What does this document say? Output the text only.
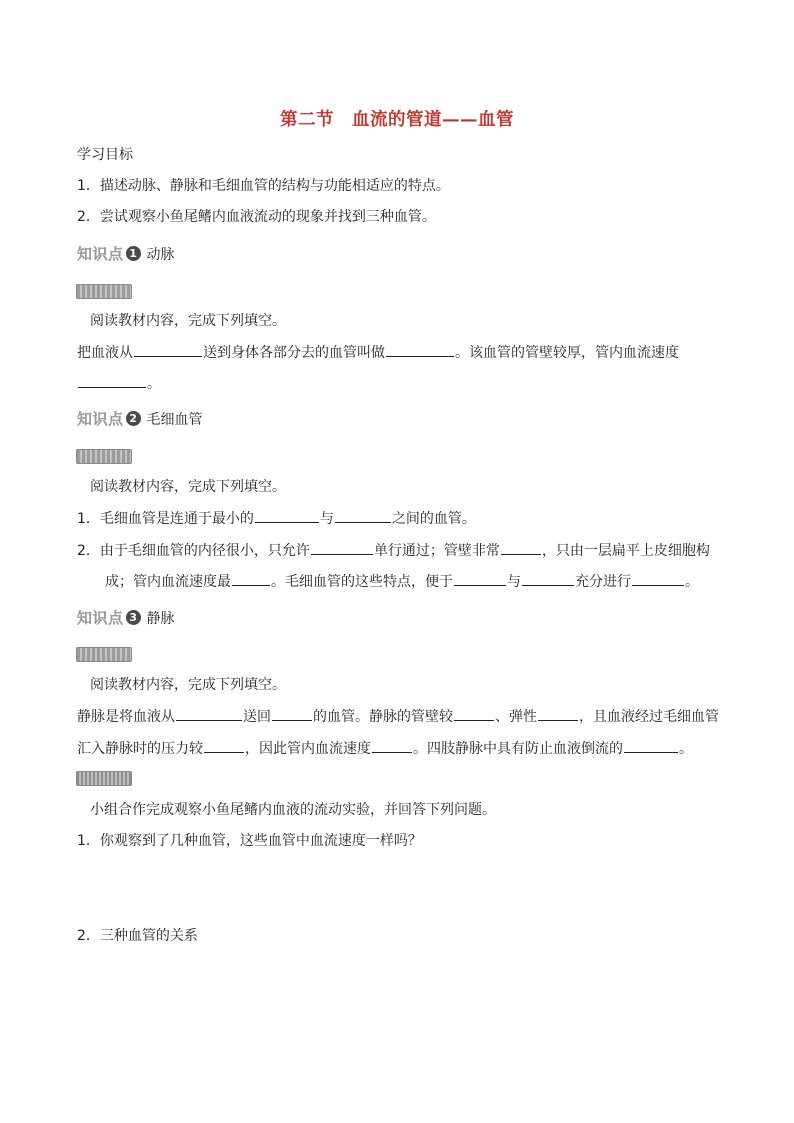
第二节 血流的管道——血管
学习目标
1．描述动脉、静脉和毛细血管的结构与功能相适应的特点。
2．尝试观察小鱼尾鳍内血液流动的现象并找到三种血管。
知识点 1 动脉
阅读教材内容，完成下列填空。
把血液从	送到身体各部分去的血管叫做	。该血管的管壁较厚，管内血流速度
。
知识点 2 毛细血管
阅读教材内容，完成下列填空。
1．毛细血管是连通于最小的	与	之间的血管。
2．由于毛细血管的内径很小，只允许	单行通过；管壁非常	，只由一层扁平上皮细胞构
成；管内血流速度最	。毛细血管的这些特点，便于	与	充分进行	。
知识点 3 静脉
阅读教材内容，完成下列填空。
静脉是将血液从	送回	的血管。静脉的管壁较	、弹性	，且血液经过毛细血管
汇入静脉时的压力较	，因此管内血流速度	。四肢静脉中具有防止血液倒流的	。
小组合作完成观察小鱼尾鳍内血液的流动实验，并回答下列问题。
1．你观察到了几种血管，这些血管中血流速度一样吗？
2．三种血管的关系
